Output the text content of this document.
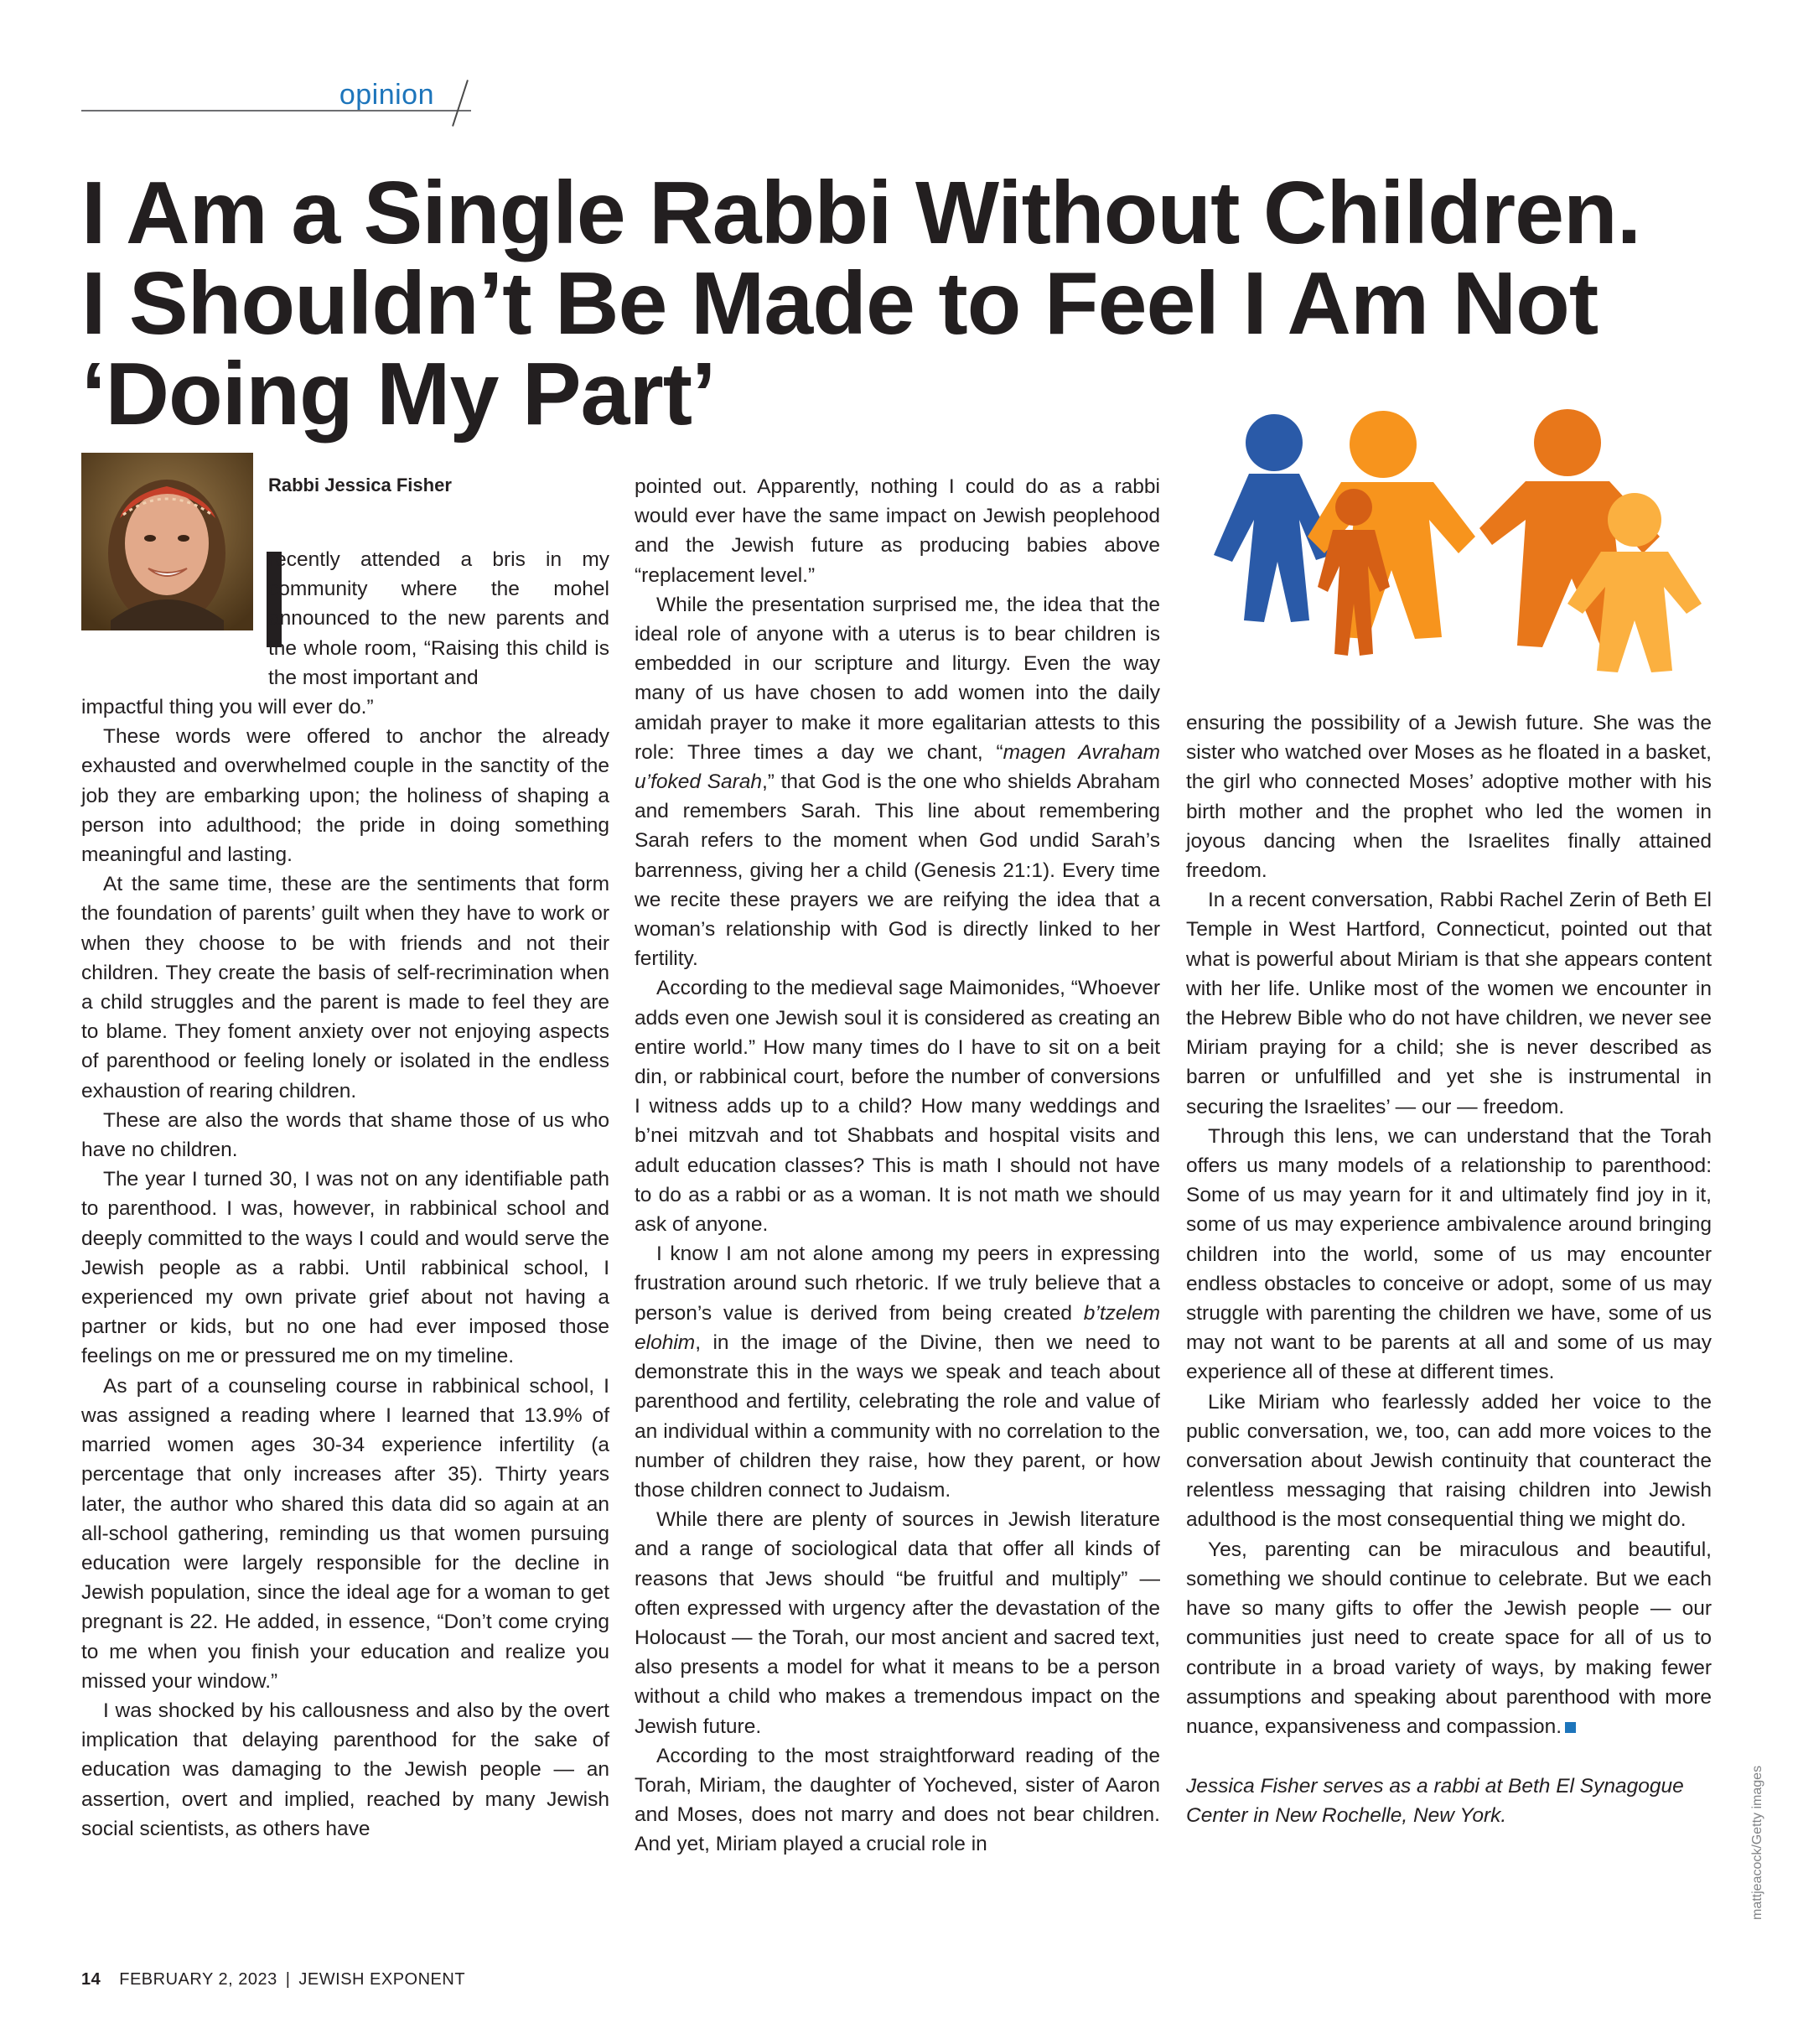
opinion
I Am a Single Rabbi Without Children.
I Shouldn’t Be Made to Feel I Am Not
‘Doing My Part’
Rabbi Jessica Fisher

recently attended a bris in my community where the mohel announced to the new parents and the whole room, “Raising this child is the most important and

impactful thing you will ever do.”

These words were offered to anchor the already exhausted and overwhelmed couple in the sanctity of the job they are embarking upon; the holiness of shaping a person into adulthood; the pride in doing something meaningful and lasting.

At the same time, these are the sentiments that form the foundation of parents’ guilt when they have to work or when they choose to be with friends and not their children. They create the basis of self-recrimination when a child struggles and the parent is made to feel they are to blame. They foment anxiety over not enjoying aspects of parenthood or feeling lonely or isolated in the endless exhaustion of rearing children.

These are also the words that shame those of us who have no children.

The year I turned 30, I was not on any identifiable path to parenthood. I was, however, in rabbinical school and deeply committed to the ways I could and would serve the Jewish people as a rabbi. Until rabbinical school, I experienced my own private grief about not having a partner or kids, but no one had ever imposed those feelings on me or pressured me on my timeline.

As part of a counseling course in rabbinical school, I was assigned a reading where I learned that 13.9% of married women ages 30-34 experience infertility (a percentage that only increases after 35). Thirty years later, the author who shared this data did so again at an all-school gathering, reminding us that women pursuing education were largely responsible for the decline in Jewish population, since the ideal age for a woman to get pregnant is 22. He added, in essence, “Don’t come crying to me when you finish your education and realize you missed your window.”

I was shocked by his callousness and also by the overt implication that delaying parenthood for the sake of education was damaging to the Jewish people — an assertion, overt and implied, reached by many Jewish social scientists, as others have

pointed out. Apparently, nothing I could do as a rabbi would ever have the same impact on Jewish peoplehood and the Jewish future as producing babies above “replacement level.”

While the presentation surprised me, the idea that the ideal role of anyone with a uterus is to bear children is embedded in our scripture and liturgy. Even the way many of us have chosen to add women into the daily amidah prayer to make it more egalitarian attests to this role: Three times a day we chant, “magen Avraham u’foked Sarah,” that God is the one who shields Abraham and remembers Sarah. This line about remembering Sarah refers to the moment when God undid Sarah’s barrenness, giving her a child (Genesis 21:1). Every time we recite these prayers we are reifying the idea that a woman’s relationship with God is directly linked to her fertility.

According to the medieval sage Maimonides, “Whoever adds even one Jewish soul it is considered as creating an entire world.” How many times do I have to sit on a beit din, or rabbinical court, before the number of conversions I witness adds up to a child? How many weddings and b’nei mitzvah and tot Shabbats and hospital visits and adult education classes? This is math I should not have to do as a rabbi or as a woman. It is not math we should ask of anyone.

I know I am not alone among my peers in expressing frustration around such rhetoric. If we truly believe that a person’s value is derived from being created b’tzelem elohim, in the image of the Divine, then we need to demonstrate this in the ways we speak and teach about parenthood and fertility, celebrating the role and value of an individual within a community with no correlation to the number of children they raise, how they parent, or how those children connect to Judaism.

While there are plenty of sources in Jewish literature and a range of sociological data that offer all kinds of reasons that Jews should “be fruitful and multiply” — often expressed with urgency after the devastation of the Holocaust — the Torah, our most ancient and sacred text, also presents a model for what it means to be a person without a child who makes a tremendous impact on the Jewish future.

According to the most straightforward reading of the Torah, Miriam, the daughter of Yocheved, sister of Aaron and Moses, does not marry and does not bear children. And yet, Miriam played a crucial role in

ensuring the possibility of a Jewish future. She was the sister who watched over Moses as he floated in a basket, the girl who connected Moses’ adoptive mother with his birth mother and the prophet who led the women in joyous dancing when the Israelites finally attained freedom.

In a recent conversation, Rabbi Rachel Zerin of Beth El Temple in West Hartford, Connecticut, pointed out that what is powerful about Miriam is that she appears content with her life. Unlike most of the women we encounter in the Hebrew Bible who do not have children, we never see Miriam praying for a child; she is never described as barren or unfulfilled and yet she is instrumental in securing the Israelites’ — our — freedom.

Through this lens, we can understand that the Torah offers us many models of a relationship to parenthood: Some of us may yearn for it and ultimately find joy in it, some of us may experience ambivalence around bringing children into the world, some of us may encounter endless obstacles to conceive or adopt, some of us may struggle with parenting the children we have, some of us may not want to be parents at all and some of us may experience all of these at different times.

Like Miriam who fearlessly added her voice to the public conversation, we, too, can add more voices to the conversation about Jewish continuity that counteract the relentless messaging that raising children into Jewish adulthood is the most consequential thing we might do.

Yes, parenting can be miraculous and beautiful, something we should continue to celebrate. But we each have so many gifts to offer the Jewish people — our communities just need to create space for all of us to contribute in a broad variety of ways, by making fewer assumptions and speaking about parenthood with more nuance, expansiveness and compassion.

Jessica Fisher serves as a rabbi at Beth El Synagogue Center in New Rochelle, New York.	mattjeacock/Getty images
14 FEBRUARY 2, 2023 | JEWISH EXPONENT
